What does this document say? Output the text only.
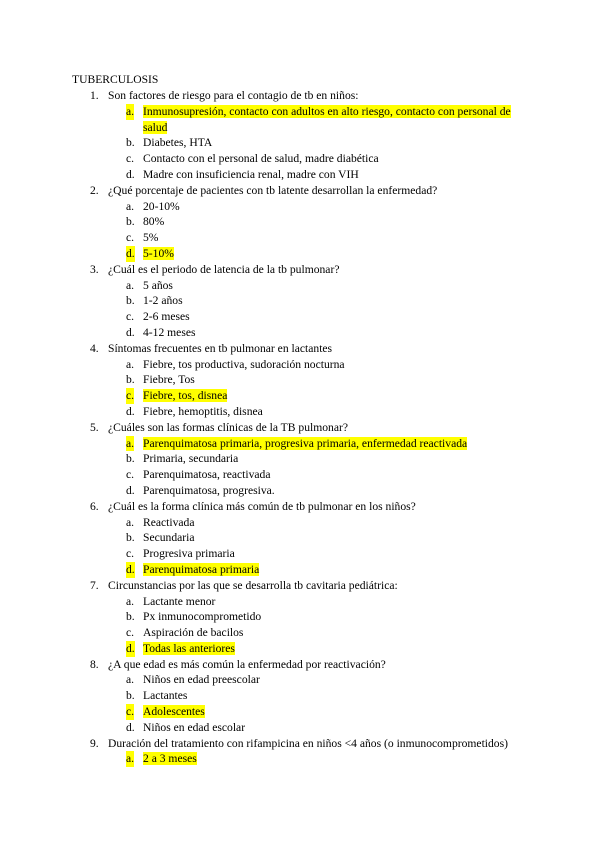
TUBERCULOSIS
1. Son factores de riesgo para el contagio de tb en niños:
a. Inmunosupresión, contacto con adultos en alto riesgo, contacto con personal de salud
b. Diabetes, HTA
c. Contacto con el personal de salud, madre diabética
d. Madre con insuficiencia renal, madre con VIH
2. ¿Qué porcentaje de pacientes con tb latente desarrollan la enfermedad?
a. 20-10%
b. 80%
c. 5%
d. 5-10%
3. ¿Cuál es el periodo de latencia de la tb pulmonar?
a. 5 años
b. 1-2 años
c. 2-6 meses
d. 4-12 meses
4. Síntomas frecuentes en tb pulmonar en lactantes
a. Fiebre, tos productiva, sudoración nocturna
b. Fiebre, Tos
c. Fiebre, tos, disnea
d. Fiebre, hemoptitis, disnea
5. ¿Cuáles son las formas clínicas de la TB pulmonar?
a. Parenquimatosa primaria, progresiva primaria, enfermedad reactivada
b. Primaria, secundaria
c. Parenquimatosa, reactivada
d. Parenquimatosa, progresiva.
6. ¿Cuál es la forma clínica más común de tb pulmonar en los niños?
a. Reactivada
b. Secundaria
c. Progresiva primaria
d. Parenquimatosa primaria
7. Circunstancias por las que se desarrolla tb cavitaria pediátrica:
a. Lactante menor
b. Px inmunocomprometido
c. Aspiración de bacilos
d. Todas las anteriores
8. ¿A que edad es más común la enfermedad por reactivación?
a. Niños en edad preescolar
b. Lactantes
c. Adolescentes
d. Niños en edad escolar
9. Duración del tratamiento con rifampicina en niños <4 años (o inmunocomprometidos)
a. 2 a 3 meses
